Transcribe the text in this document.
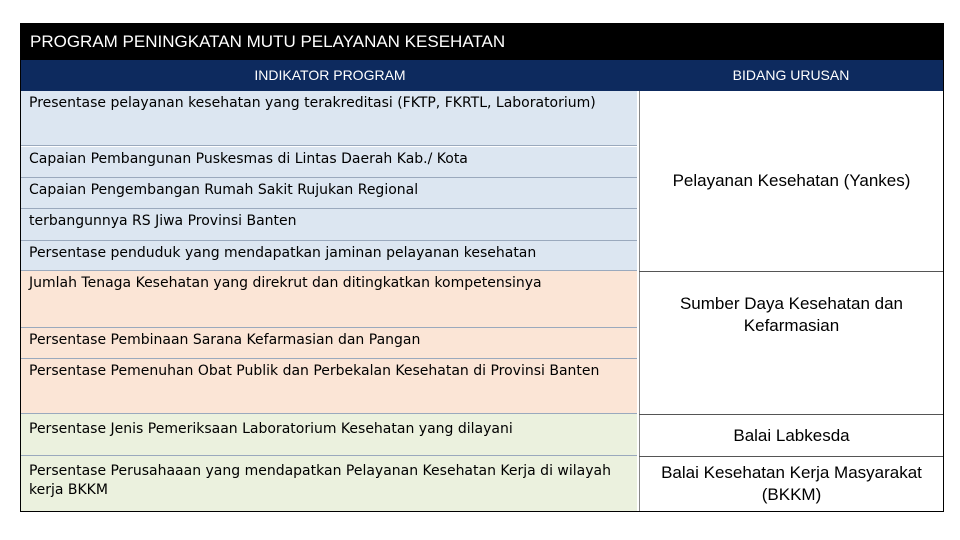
PROGRAM PENINGKATAN MUTU PELAYANAN KESEHATAN
INDIKATOR PROGRAM	BIDANG URUSAN
Presentase pelayanan kesehatan yang terakreditasi (FKTP, FKRTL, Laboratorium)
Capaian Pembangunan Puskesmas di Lintas Daerah Kab./ Kota
Capaian Pengembangan Rumah Sakit Rujukan Regional
terbangunnya RS Jiwa Provinsi Banten
Persentase penduduk yang mendapatkan jaminan pelayanan kesehatan
Jumlah Tenaga Kesehatan yang direkrut dan ditingkatkan kompetensinya
Persentase Pembinaan Sarana Kefarmasian dan Pangan
Persentase Pemenuhan Obat Publik dan Perbekalan Kesehatan di Provinsi Banten
Persentase Jenis Pemeriksaan Laboratorium Kesehatan yang dilayani
Persentase Perusahaaan yang mendapatkan Pelayanan Kesehatan Kerja di wilayah kerja BKKM
Pelayanan Kesehatan (Yankes)
Sumber Daya Kesehatan dan Kefarmasian
Balai Labkesda
Balai Kesehatan Kerja Masyarakat (BKKM)
